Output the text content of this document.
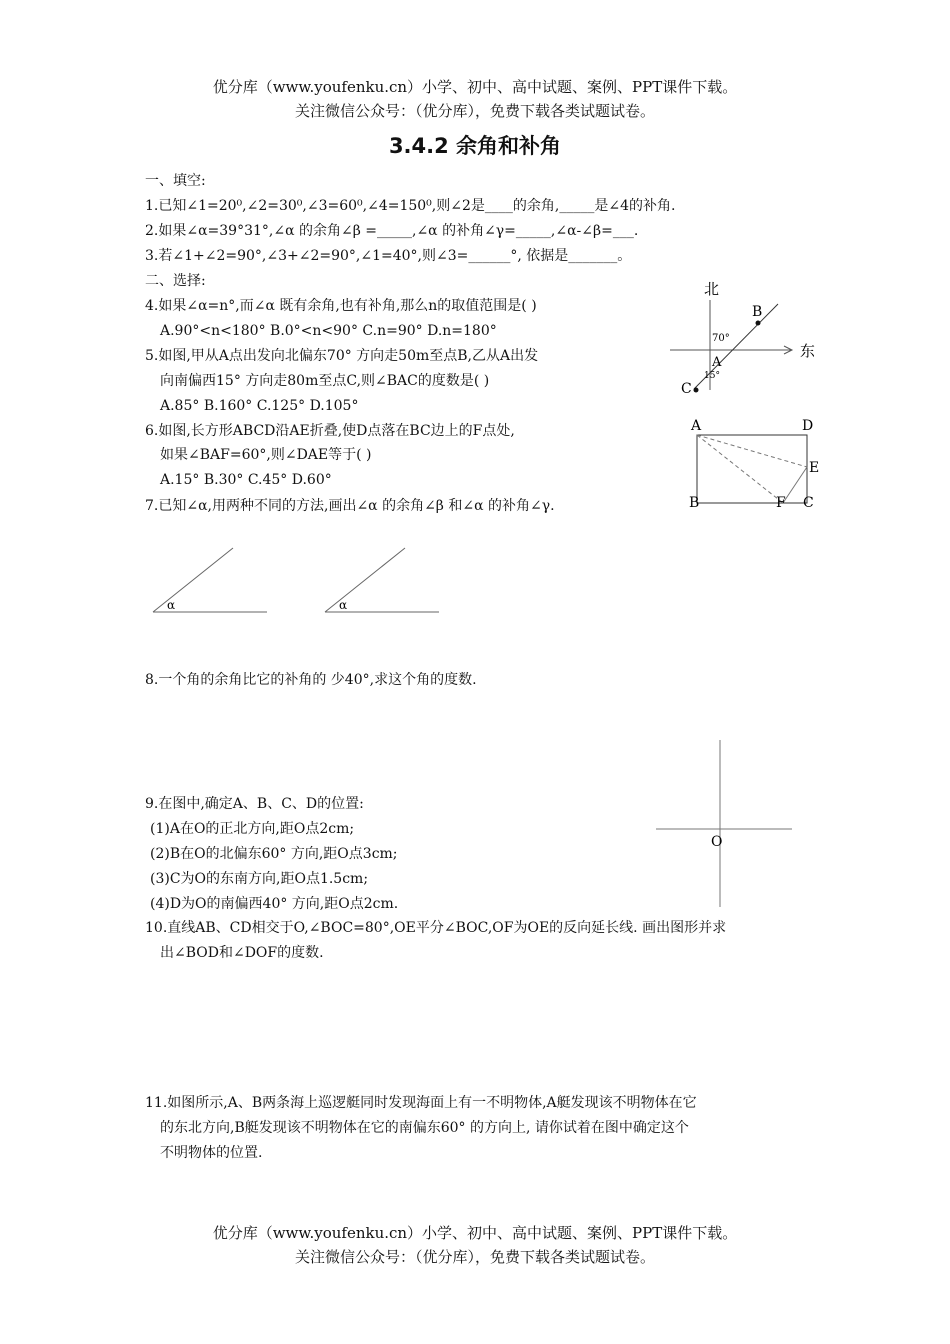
优分库（www.youfenku.cn）小学、初中、高中试题、案例、PPT课件下载。
关注微信公众号：（优分库），免费下载各类试题试卷。
3.4.2 余角和补角
一、填空:
1.已知∠1=20⁰,∠2=30⁰,∠3=60⁰,∠4=150⁰,则∠2是____的余角,_____是∠4的补角.
2.如果∠α=39°31°,∠α 的余角∠β =_____,∠α 的补角∠γ=_____,∠α-∠β=___.
3.若∠1+∠2=90°,∠3+∠2=90°,∠1=40°,则∠3=______°, 依据是_______。
二、选择:
4.如果∠α=n°,而∠α 既有余角,也有补角,那么n的取值范围是( )
A.90°<n<180° B.0°<n<90° C.n=90° D.n=180°
5.如图,甲从A点出发向北偏东70° 方向走50m至点B,乙从A出发
向南偏西15° 方向走80m至点C,则∠BAC的度数是( )
A.85° B.160° C.125° D.105°
6.如图,长方形ABCD沿AE折叠,使D点落在BC边上的F点处,
如果∠BAF=60°,则∠DAE等于( )
A.15° B.30° C.45° D.60°
7.已知∠α,用两种不同的方法,画出∠α 的余角∠β 和∠α 的补角∠γ.
8.一个角的余角比它的补角的 少40°,求这个角的度数.
9.在图中,确定A、B、C、D的位置:
(1)A在O的正北方向,距O点2cm;
(2)B在O的北偏东60° 方向,距O点3cm;
(3)C为O的东南方向,距O点1.5cm;
(4)D为O的南偏西40° 方向,距O点2cm.
10.直线AB、CD相交于O,∠BOC=80°,OE平分∠BOC,OF为OE的反向延长线. 画出图形并求
出∠BOD和∠DOF的度数.
11.如图所示,A、B两条海上巡逻艇同时发现海面上有一不明物体,A艇发现该不明物体在它
的东北方向,B艇发现该不明物体在它的南偏东60° 的方向上, 请你试着在图中确定这个
不明物体的位置.
北
东
B
A
C
70°
15°
A	D
E
B	F C
α	α
O
优分库（www.youfenku.cn）小学、初中、高中试题、案例、PPT课件下载。
关注微信公众号：（优分库），免费下载各类试题试卷。
